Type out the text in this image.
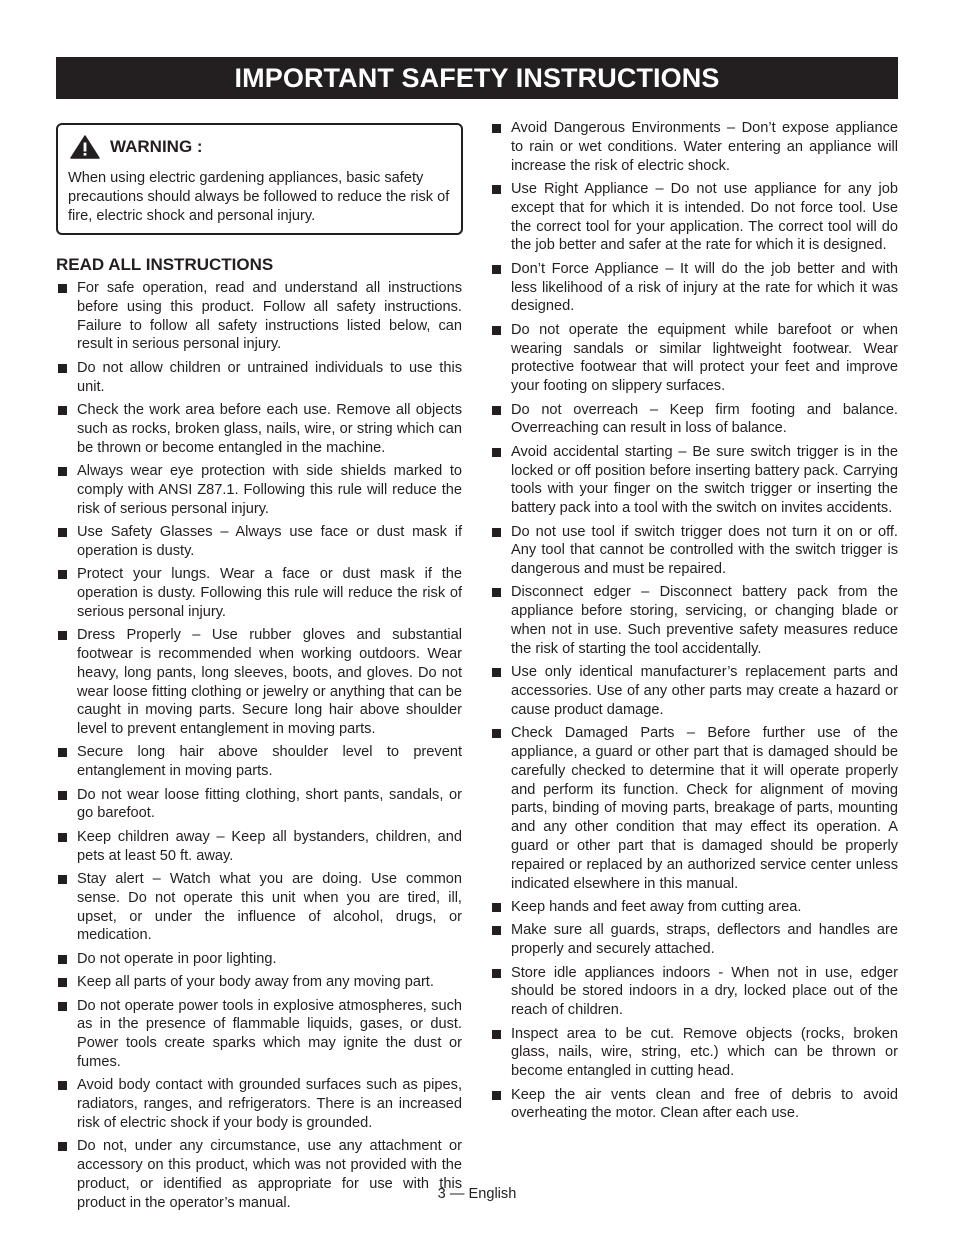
IMPORTANT SAFETY INSTRUCTIONS
WARNING :
When using electric gardening appliances, basic safety precautions should always be followed to reduce the risk of fire, electric shock and personal injury.
READ ALL INSTRUCTIONS
For safe operation, read and understand all instructions before using this product. Follow all safety instructions. Failure to follow all safety instructions listed below, can result in serious personal injury.
Do not allow children or untrained individuals to use this unit.
Check the work area before each use. Remove all objects such as rocks, broken glass, nails, wire, or string which can be thrown or become entangled in the machine.
Always wear eye protection with side shields marked to comply with ANSI Z87.1. Following this rule will reduce the risk of serious personal injury.
Use Safety Glasses – Always use face or dust mask if operation is dusty.
Protect your lungs. Wear a face or dust mask if the operation is dusty. Following this rule will reduce the risk of serious personal injury.
Dress Properly – Use rubber gloves and substantial footwear is recommended when working outdoors. Wear heavy, long pants, long sleeves, boots, and gloves. Do not wear loose fitting clothing or jewelry or anything that can be caught in moving parts. Secure long hair above shoulder level to prevent entanglement in moving parts.
Secure long hair above shoulder level to prevent entanglement in moving parts.
Do not wear loose fitting clothing, short pants, sandals, or go barefoot.
Keep children away – Keep all bystanders, children, and pets at least 50 ft. away.
Stay alert – Watch what you are doing. Use common sense. Do not operate this unit when you are tired, ill, upset, or under the influence of alcohol, drugs, or medication.
Do not operate in poor lighting.
Keep all parts of your body away from any moving part.
Do not operate power tools in explosive atmospheres, such as in the presence of flammable liquids, gases, or dust. Power tools create sparks which may ignite the dust or fumes.
Avoid body contact with grounded surfaces such as pipes, radiators, ranges, and refrigerators. There is an increased risk of electric shock if your body is grounded.
Do not, under any circumstance, use any attachment or accessory on this product, which was not provided with the product, or identified as appropriate for use with this product in the operator’s manual.
Avoid Dangerous Environments – Don’t expose appliance to rain or wet conditions. Water entering an appliance will increase the risk of electric shock.
Use Right Appliance – Do not use appliance for any job except that for which it is intended. Do not force tool. Use the correct tool for your application. The correct tool will do the job better and safer at the rate for which it is designed.
Don’t Force Appliance – It will do the job better and with less likelihood of a risk of injury at the rate for which it was designed.
Do not operate the equipment while barefoot or when wearing sandals or similar lightweight footwear. Wear protective footwear that will protect your feet and improve your footing on slippery surfaces.
Do not overreach – Keep firm footing and balance. Overreaching can result in loss of balance.
Avoid accidental starting – Be sure switch trigger is in the locked or off position before inserting battery pack. Carrying tools with your finger on the switch trigger or inserting the battery pack into a tool with the switch on invites accidents.
Do not use tool if switch trigger does not turn it on or off. Any tool that cannot be controlled with the switch trigger is dangerous and must be repaired.
Disconnect edger – Disconnect battery pack from the appliance before storing, servicing, or changing blade or when not in use. Such preventive safety measures reduce the risk of starting the tool accidentally.
Use only identical manufacturer’s replacement parts and accessories. Use of any other parts may create a hazard or cause product damage.
Check Damaged Parts – Before further use of the appliance, a guard or other part that is damaged should be carefully checked to determine that it will operate properly and perform its function. Check for alignment of moving parts, binding of moving parts, breakage of parts, mounting and any other condition that may effect its operation. A guard or other part that is damaged should be properly repaired or replaced by an authorized service center unless indicated elsewhere in this manual.
Keep hands and feet away from cutting area.
Make sure all guards, straps, deflectors and handles are properly and securely attached.
Store idle appliances indoors - When not in use, edger should be stored indoors in a dry, locked place out of the reach of children.
Inspect area to be cut. Remove objects (rocks, broken glass, nails, wire, string, etc.) which can be thrown or become entangled in cutting head.
Keep the air vents clean and free of debris to avoid overheating the motor. Clean after each use.
3 — English
